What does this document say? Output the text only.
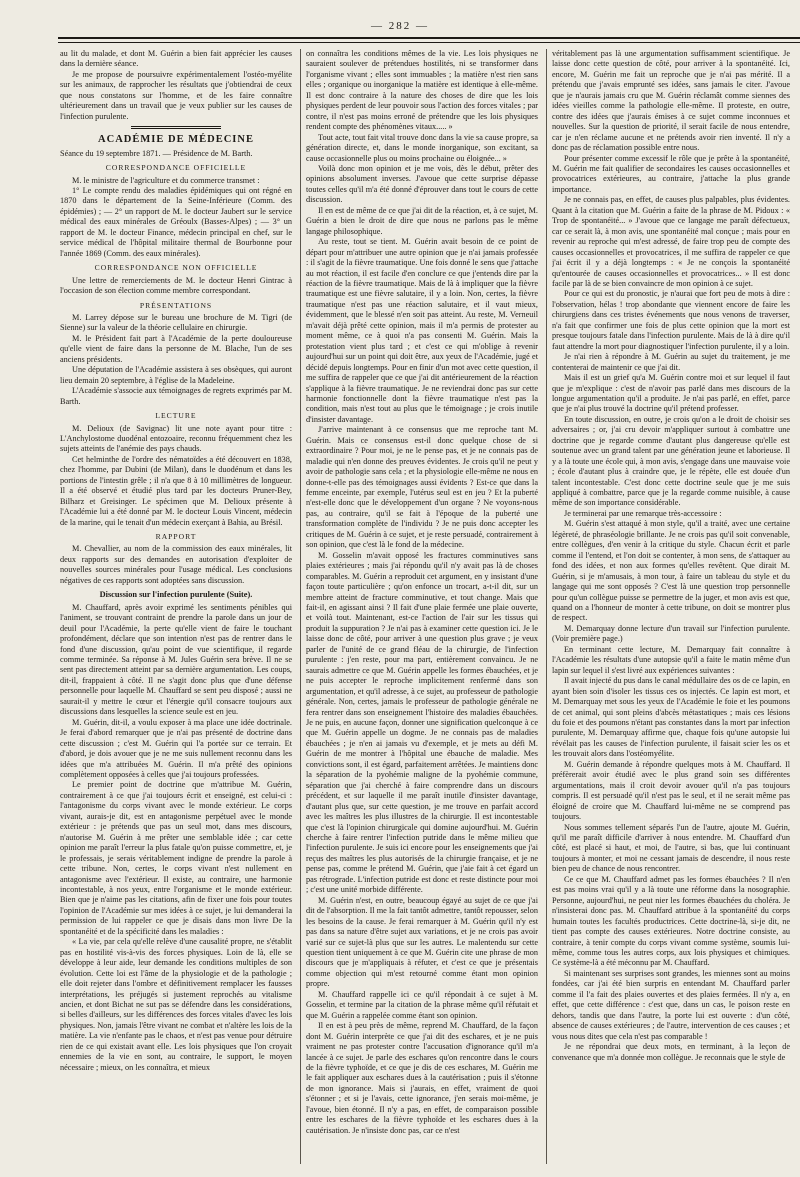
— 282 —

au lit du malade, et dont M. Guérin a bien fait apprécier les causes dans la dernière séance.

Je me propose de poursuivre expérimentalement l'ostéo-myélite sur les animaux, de rapprocher les résultats que j'obtiendrai de ceux que nous constatons sur l'homme, et de les faire connaître ultérieurement dans un travail que je veux publier sur les causes de l'infection purulente.

ACADÉMIE DE MÉDECINE

Séance du 19 septembre 1871. — Présidence de M. Barth.

CORRESPONDANCE OFFICIELLE

M. le ministre de l'agriculture et du commerce transmet :

1° Le compte rendu des maladies épidémiques qui ont régné en 1870 dans le département de la Seine-Inférieure (Comm. des épidémies) ; — 2° un rapport de M. le docteur Jaubert sur le service médical des eaux minérales de Gréoulx (Basses-Alpes) ; — 3° un rapport de M. le docteur Finance, médecin principal en chef, sur le service médical de l'hôpital militaire thermal de Bourbonne pour l'année 1869 (Comm. des eaux minérales).

CORRESPONDANCE NON OFFICIELLE

Une lettre de remerciements de M. le docteur Henri Gintrac à l'occasion de son élection comme membre correspondant.

PRÉSENTATIONS

M. Larrey dépose sur le bureau une brochure de M. Tigri (de Sienne) sur la valeur de la théorie cellulaire en chirurgie.

M. le Président fait part à l'Académie de la perte douloureuse qu'elle vient de faire dans la personne de M. Blache, l'un de ses anciens présidents.

Une députation de l'Académie assistera à ses obsèques, qui auront lieu demain 20 septembre, à l'église de la Madeleine.

L'Académie s'associe aux témoignages de regrets exprimés par M. Barth.

LECTURE

M. Delioux (de Savignac) lit une note ayant pour titre : L'Anchylostome duodénal entozoaire, reconnu fréquemment chez les sujets atteints de l'anémie des pays chauds.

Cet helminthe de l'ordre des nématoïdes a été découvert en 1838, chez l'homme, par Dubini (de Milan), dans le duodénum et dans les portions de l'intestin grêle ; il n'a que 8 à 10 millimètres de longueur. Il a été observé et étudié plus tard par les docteurs Pruner-Bey, Bilharz et Greisinger. Le spécimen que M. Delioux présente à l'Académie lui a été donné par M. le docteur Louis Vincent, médecin de la marine, qui le tenait d'un médecin exerçant à Bahia, au Brésil.

RAPPORT

M. Chevallier, au nom de la commission des eaux minérales, lit deux rapports sur des demandes en autorisation d'exploiter de nouvelles sources minérales pour l'usage médical. Les conclusions négatives de ces rapports sont adoptées sans discussion.

Discussion sur l'infection purulente (Suite).

M. Chauffard, après avoir exprimé les sentiments pénibles qui l'animent, se trouvant contraint de prendre la parole dans un jour de deuil pour l'Académie, la perte qu'elle vient de faire le touchant profondément, déclare que son intention n'est pas de rentrer dans le fond d'une discussion, qu'au point de vue scientifique, il regarde comme terminée. Sa réponse à M. Jules Guérin sera brève. Il ne se sent pas directement atteint par sa dernière argumentation. Les coups, dit-il, frappaient à côté. Il ne s'agit donc plus que d'une défense personnelle pour laquelle M. Chauffard se sent peu disposé ; aussi ne saurait-il y mettre le cœur et l'énergie qu'il consacre toujours aux discussions dans lesquelles la science seule est en jeu.

M. Guérin, dit-il, a voulu exposer à ma place une idée doctrinale. Je ferai d'abord remarquer que je n'ai pas présenté de doctrine dans cette discussion ; c'est M. Guérin qui l'a portée sur ce terrain. Et d'abord, je dois avouer que je ne me suis nullement reconnu dans les idées que m'a attribuées M. Guérin. Il m'a prêté des opinions complètement opposées à celles que j'ai toujours professées.

Le premier point de doctrine que m'attribue M. Guérin, contrairement à ce que j'ai toujours écrit et enseigné, est celui-ci : l'antagonisme du corps vivant avec le monde extérieur. Le corps vivant, aurais-je dit, est en antagonisme perpétuel avec le monde extérieur : je prétends que pas un seul mot, dans mes discours, n'autorise M. Guérin à me prêter une semblable idée ; car cette opinion me paraît l'erreur la plus fatale qu'on puisse commettre, et, je le professais, je serais véritablement indigne de prendre la parole à cette tribune. Non, certes, le corps vivant n'est nullement en antagonisme avec l'extérieur. Il existe, au contraire, une harmonie incontestable, à nos yeux, entre l'organisme et le monde extérieur. Bien que je n'aime pas les citations, afin de fixer une fois pour toutes l'opinion de l'Académie sur mes idées à ce sujet, je lui demanderai la permission de lui rappeler ce que je disais dans mon livre De la spontanéité et de la spécificité dans les maladies :

« La vie, par cela qu'elle relève d'une causalité propre, ne s'établit pas en hostilité vis-à-vis des forces physiques. Loin de là, elle se développe à leur aide, leur demande les conditions multiples de son évolution. Cette loi est l'âme de la physiologie et de la pathologie ; elle doit rejeter dans l'ombre et définitivement remplacer les fausses interprétations, les préjugés si justement reprochés au vitalisme ancien, et dont Bichat ne sut pas se défendre dans les considérations, si belles d'ailleurs, sur les différences des forces vitales d'avec les lois physiques. Non, jamais l'être vivant ne combat et n'altère les lois de la matière. La vie n'enfante pas le chaos, et n'est pas venue pour détruire rien de ce qui existait avant elle. Les lois physiques que l'on croyait ennemies de la vie en sont, au contraire, le support, le moyen nécessaire ; mieux, on les connaîtra, et mieux

on connaîtra les conditions mêmes de la vie. Les lois physiques ne sauraient soulever de prétendues hostilités, ni se transformer dans l'organisme vivant ; elles sont immuables ; la matière n'est rien sans elles ; organique ou inorganique la matière est identique à elle-même. Il est donc contraire à la nature des choses de dire que les lois physiques perdent de leur pouvoir sous l'action des forces vitales ; par contre, il n'est pas moins erroné de prétendre que les lois physiques rendent compte des phénomènes vitaux..... »

Tout acte, tout fait vital trouve donc dans la vie sa cause propre, sa génération directe, et, dans le monde inorganique, son excitant, sa cause occasionnelle plus ou moins prochaine ou éloignée... »

Voilà donc mon opinion et je me vois, dès le début, prêter des opinions absolument inverses. J'avoue que cette surprise dépasse toutes celles qu'il m'a été donné d'éprouver dans tout le cours de cette discussion.

Il en est de même de ce que j'ai dit de la réaction, et, à ce sujet, M. Guérin a bien le droit de dire que nous ne parlons pas le même langage philosophique.

Au reste, tout se tient. M. Guérin avait besoin de ce point de départ pour m'attribuer une autre opinion que je n'ai jamais professée : il s'agit de la fièvre traumatique. Une fois donné le sens que j'attache au mot réaction, il est facile d'en conclure ce que j'entends dire par la réaction de la fièvre traumatique. Mais de là à impliquer que la fièvre traumatique est une fièvre salutaire, il y a loin. Non, certes, la fièvre traumatique n'est pas une réaction salutaire, et il vaut mieux, évidemment, que le blessé n'en soit pas atteint. Au reste, M. Verneuil m'avait déjà prêté cette opinion, mais il m'a permis de protester au moment même, ce à quoi n'a pas consenti M. Guérin. Mais la protestation vient plus tard ; et c'est ce qui m'oblige à revenir aujourd'hui sur un point qui doit être, aux yeux de l'Académie, jugé et décidé depuis longtemps. Pour en finir d'un mot avec cette question, il me suffira de rappeler que ce que j'ai dit antérieurement de la réaction s'applique à la fièvre traumatique. Je ne reviendrai donc pas sur cette harmonie fonctionnelle dont la fièvre traumatique n'est pas la condition, mais n'est tout au plus que le témoignage ; je crois inutile d'insister davantage.

J'arrive maintenant à ce consensus que me reproche tant M. Guérin. Mais ce consensus est-il donc quelque chose de si extraordinaire ? Pour moi, je ne le pense pas, et je ne connais pas de maladie qui n'en donne des preuves évidentes. Je crois qu'il ne peut y avoir de pathologie sans cela ; et la physiologie elle-même ne nous en donne-t-elle pas des témoignages aussi évidents ? Est-ce que dans la femme enceinte, par exemple, l'utérus seul est en jeu ? Et la puberté n'est-elle donc que le développement d'un organe ? Ne voyons-nous pas, au contraire, qu'il se fait à l'époque de la puberté une transformation complète de l'individu ? Je ne puis donc accepter les critiques de M. Guérin à ce sujet, et je reste persuadé, contrairement à son opinion, que c'est là le fond de la médecine.

M. Gosselin m'avait opposé les fractures comminutives sans plaies extérieures ; mais j'ai répondu qu'il n'y avait pas là de choses comparables. M. Guérin a reproduit cet argument, en y insistant d'une façon toute particulière ; qu'on enfonce un trocart, a-t-il dit, sur un membre atteint de fracture comminutive, et tout change. Mais que fait-il, en agissant ainsi ? Il fait d'une plaie fermée une plaie ouverte, et voilà tout. Maintenant, est-ce l'action de l'air sur les tissus qui produit la suppuration ? Je n'ai pas à examiner cette question ici. Je le laisse donc de côté, pour arriver à une question plus grave ; je veux parler de l'unité de ce grand fléau de la chirurgie, de l'infection purulente : j'en reste, pour ma part, entièrement convaincu. Je ne saurais admettre ce que M. Guérin appelle les formes ébauchées, et je ne puis accepter le reproche implicitement renfermé dans son argumentation, et qu'il adresse, à ce sujet, au professeur de pathologie générale. Non, certes, jamais le professeur de pathologie générale ne fera rentrer dans son enseignement l'histoire des maladies ébauchées. Je ne puis, en aucune façon, donner une signification quelconque à ce que M. Guérin appelle un dogme. Je ne connais pas de maladies ébauchées ; je n'en ai jamais vu d'exemple, et je mets au défi M. Guérin de me montrer à l'hôpital une ébauche de maladie. Mes convictions sont, il est égard, parfaitement arrêtées. Je maintiens donc la séparation de la pyohémie maligne de la pyohémie commune, séparation que j'ai cherché à faire comprendre dans un discours précédent, et sur laquelle il me paraît inutile d'insister davantage, d'autant plus que, sur cette question, je me trouve en parfait accord avec les maîtres les plus illustres de la chirurgie. Il est incontestable que c'est là l'opinion chirurgicale qui domine aujourd'hui. M. Guérin cherche à faire rentrer l'infection putride dans le même milieu que l'infection purulente. Je suis ici encore pour les enseignements que j'ai reçus des maîtres les plus autorisés de la chirurgie française, et je ne pense pas, comme le prétend M. Guérin, que j'aie fait à cet égard un pas rétrograde. L'infection putride est donc et reste distincte pour moi ; c'est une unité morbide différente.

M. Guérin n'est, en outre, beaucoup égayé au sujet de ce que j'ai dit de l'absorption. Il me la fait tantôt admettre, tantôt repousser, selon les besoins de la cause. Je ferai remarquer à M. Guérin qu'il n'y est pas dans sa nature d'être sujet aux variations, et je ne crois pas avoir varié sur ce sujet-là plus que sur les autres. Le malentendu sur cette question tient uniquement à ce que M. Guérin cite une phrase de mon discours que je m'appliquais à réfuter, et c'est ce que je présentais comme objection qui m'est retourné comme étant mon opinion propre.

M. Chauffard rappelle ici ce qu'il répondait à ce sujet à M. Gosselin, et termine par la citation de la phrase même qu'il réfutait et que M. Guérin a rappelée comme étant son opinion.

Il en est à peu près de même, reprend M. Chauffard, de la façon dont M. Guérin interprète ce que j'ai dit des eschares, et je ne puis vraiment ne pas protester contre l'accusation d'ignorance qu'il m'a lancée à ce sujet. Je parle des eschares qu'on rencontre dans le cours de la fièvre typhoïde, et ce que je dis de ces eschares, M. Guérin me le fait appliquer aux eschares dues à la cautérisation ; puis il s'étonne de mon ignorance. Mais si j'aurais, en effet, vraiment de quoi s'étonner ; et si je l'avais, cette ignorance, j'en serais moi-même, je l'avoue, bien étonné. Il n'y a pas, en effet, de comparaison possible entre les eschares de la fièvre typhoïde et les eschares dues à la cautérisation. Je n'insiste donc pas, car ce n'est

véritablement pas là une argumentation suffisamment scientifique. Je laisse donc cette question de côté, pour arriver à la spontanéité. Ici, encore, M. Guérin me fait un reproche que je n'ai pas mérité. Il a prétendu que j'avais emprunté ses idées, sans jamais le citer. J'avoue que je n'aurais jamais cru que M. Guérin réclamât comme siennes des idées vieilles comme la pathologie elle-même. Il proteste, en outre, contre des idées que j'aurais émises à ce sujet comme inconnues et nouvelles. Sur la question de priorité, il serait facile de nous entendre, car je n'en réclame aucune et ne prétends avoir rien inventé. Il n'y a donc pas de réclamation possible entre nous.

Pour présenter comme excessif le rôle que je prête à la spontanéité, M. Guérin me fait qualifier de secondaires les causes occasionnelles et provocatrices extérieures, au contraire, j'attache la plus grande importance.

Je ne connais pas, en effet, de causes plus palpables, plus évidentes. Quant à la citation que M. Guérin a faite de la phrase de M. Pidoux : « Trop de spontanéité... » J'avoue que ce langage me paraît défectueux, car ce serait là, à mon avis, une spontanéité mal conçue ; mais pour en revenir au reproche qui m'est adressé, de faire trop peu de compte des causes occasionnelles et provocatrices, il me suffira de rappeler ce que j'ai écrit il y a déjà longtemps : « Je ne conçois la spontanéité qu'entourée de causes occasionnelles et provocatrices... » Il est donc facile par là de se bien convaincre de mon opinion à ce sujet.

Pour ce qui est du pronostic, je n'aurai que fort peu de mots à dire : l'observation, hélas ! trop abondante que viennent encore de faire les chirurgiens dans ces tristes événements que nous venons de traverser, n'a fait que confirmer une fois de plus cette opinion que la mort est presque toujours fatale dans l'infection purulente. Mais de là à dire qu'il faut attendre la mort pour diagnostiquer l'infection purulente, il y a loin.

Je n'ai rien à répondre à M. Guérin au sujet du traitement, je me contenterai de maintenir ce que j'ai dit.

Mais il est un grief qu'a M. Guérin contre moi et sur lequel il faut que je m'explique : c'est de n'avoir pas parlé dans mes discours de la longue argumentation qu'il a produite. Je n'ai pas parlé, en effet, parce que je n'ai plus trouvé la doctrine qu'il prétend professer.

En toute discussion, en outre, je crois qu'on a le droit de choisir ses adversaires ; or, j'ai cru devoir m'appliquer surtout à combattre une doctrine que je regarde comme d'autant plus dangereuse qu'elle est soutenue avec un grand talent par une génération jeune et laborieuse. Il y a là toute une école qui, à mon avis, s'engage dans une mauvaise voie ; école d'autant plus à craindre que, je le répète, elle est douée d'un talent incontestable. C'est donc cette doctrine seule que je me suis appliqué à combattre, parce que je la regarde comme nuisible, à cause même de son importance considérable.

Je terminerai par une remarque très-accessoire :

M. Guérin s'est attaqué à mon style, qu'il a traité, avec une certaine légèreté, de phraséologie brillante. Je ne crois pas qu'il soit convenable, entre collègues, d'en venir à la critique du style. Chacun écrit et parle comme il l'entend, et l'on doit se contenter, à mon sens, de s'attaquer au fond des idées, et non aux formes qu'elles revêtent. Que dirait M. Guérin, si je m'amusais, à mon tour, à faire un tableau du style et du langage qui me sont opposés ? C'est là une question trop personnelle pour qu'un collègue puisse se permettre de la juger, et mon avis est que, quand on a l'honneur de monter à cette tribune, on doit se montrer plus de respect.

M. Demarquay donne lecture d'un travail sur l'infection purulente. (Voir première page.)

En terminant cette lecture, M. Demarquay fait connaître à l'Académie les résultats d'une autopsie qu'il a faite le matin même d'un lapin sur lequel il s'est livré aux expériences suivantes :

Il avait injecté du pus dans le canal médullaire des os de ce lapin, en ayant bien soin d'isoler les tissus ces os injectés. Ce lapin est mort, et M. Demarquay met sous les yeux de l'Académie le foie et les poumons de cet animal, qui sont pleins d'abcès métastatiques ; mais ces lésions du foie et des poumons n'étant pas constantes dans la mort par infection purulente, M. Demarquay affirme que, chaque fois qu'une autopsie lui révélait pas les causes de l'infection purulente, il faisait scier les os et les trouvait alors dans l'ostéomyélite.

M. Guérin demande à répondre quelques mots à M. Chauffard. Il préfèrerait avoir étudié avec le plus grand soin ses différentes argumentations, mais il croit devoir avouer qu'il n'a pas toujours compris. Il est persuadé qu'il n'est pas le seul, et il ne serait même pas éloigné de croire que M. Chauffard lui-même ne se comprend pas toujours.

Nous sommes tellement séparés l'un de l'autre, ajoute M. Guérin, qu'il me paraît difficile d'arriver à nous entendre. M. Chauffard d'un côté, est placé si haut, et moi, de l'autre, si bas, que lui continuant toujours à monter, et moi ne cessant jamais de descendre, il nous reste bien peu de chance de nous rencontrer.

Ce ce que M. Chauffard admet pas les formes ébauchées ? Il n'en est pas moins vrai qu'il y a là toute une réforme dans la nosographie. Personne, aujourd'hui, ne peut nier les formes ébauchées du choléra. Je n'insisterai donc pas. M. Chauffard attribue à la spontanéité du corps humain toutes les facultés productrices. Cette doctrine-là, si-je dit, ne tient pas compte des causes extérieures. Notre doctrine consiste, au contraire, à tenir compte du corps vivant comme système, soumis lui-même, comme tous les autres corps, aux lois physiques et chimiques. Ce système-là a été méconnu par M. Chauffard.

Si maintenant ses surprises sont grandes, les miennes sont au moins fondées, car j'ai été bien surpris en entendant M. Chauffard parler comme il l'a fait des plaies ouvertes et des plaies fermées. Il n'y a, en effet, que cette différence : c'est que, dans un cas, le poison reste en dehors, tandis que dans l'autre, la porte lui est ouverte : d'un côté, absence de causes extérieures ; de l'autre, intervention de ces causes ; et vous nous dites que cela n'est pas comparable !

Je ne répondrai que deux mots, en terminant, à la leçon de convenance que m'a donnée mon collègue. Je reconnais que le style de
